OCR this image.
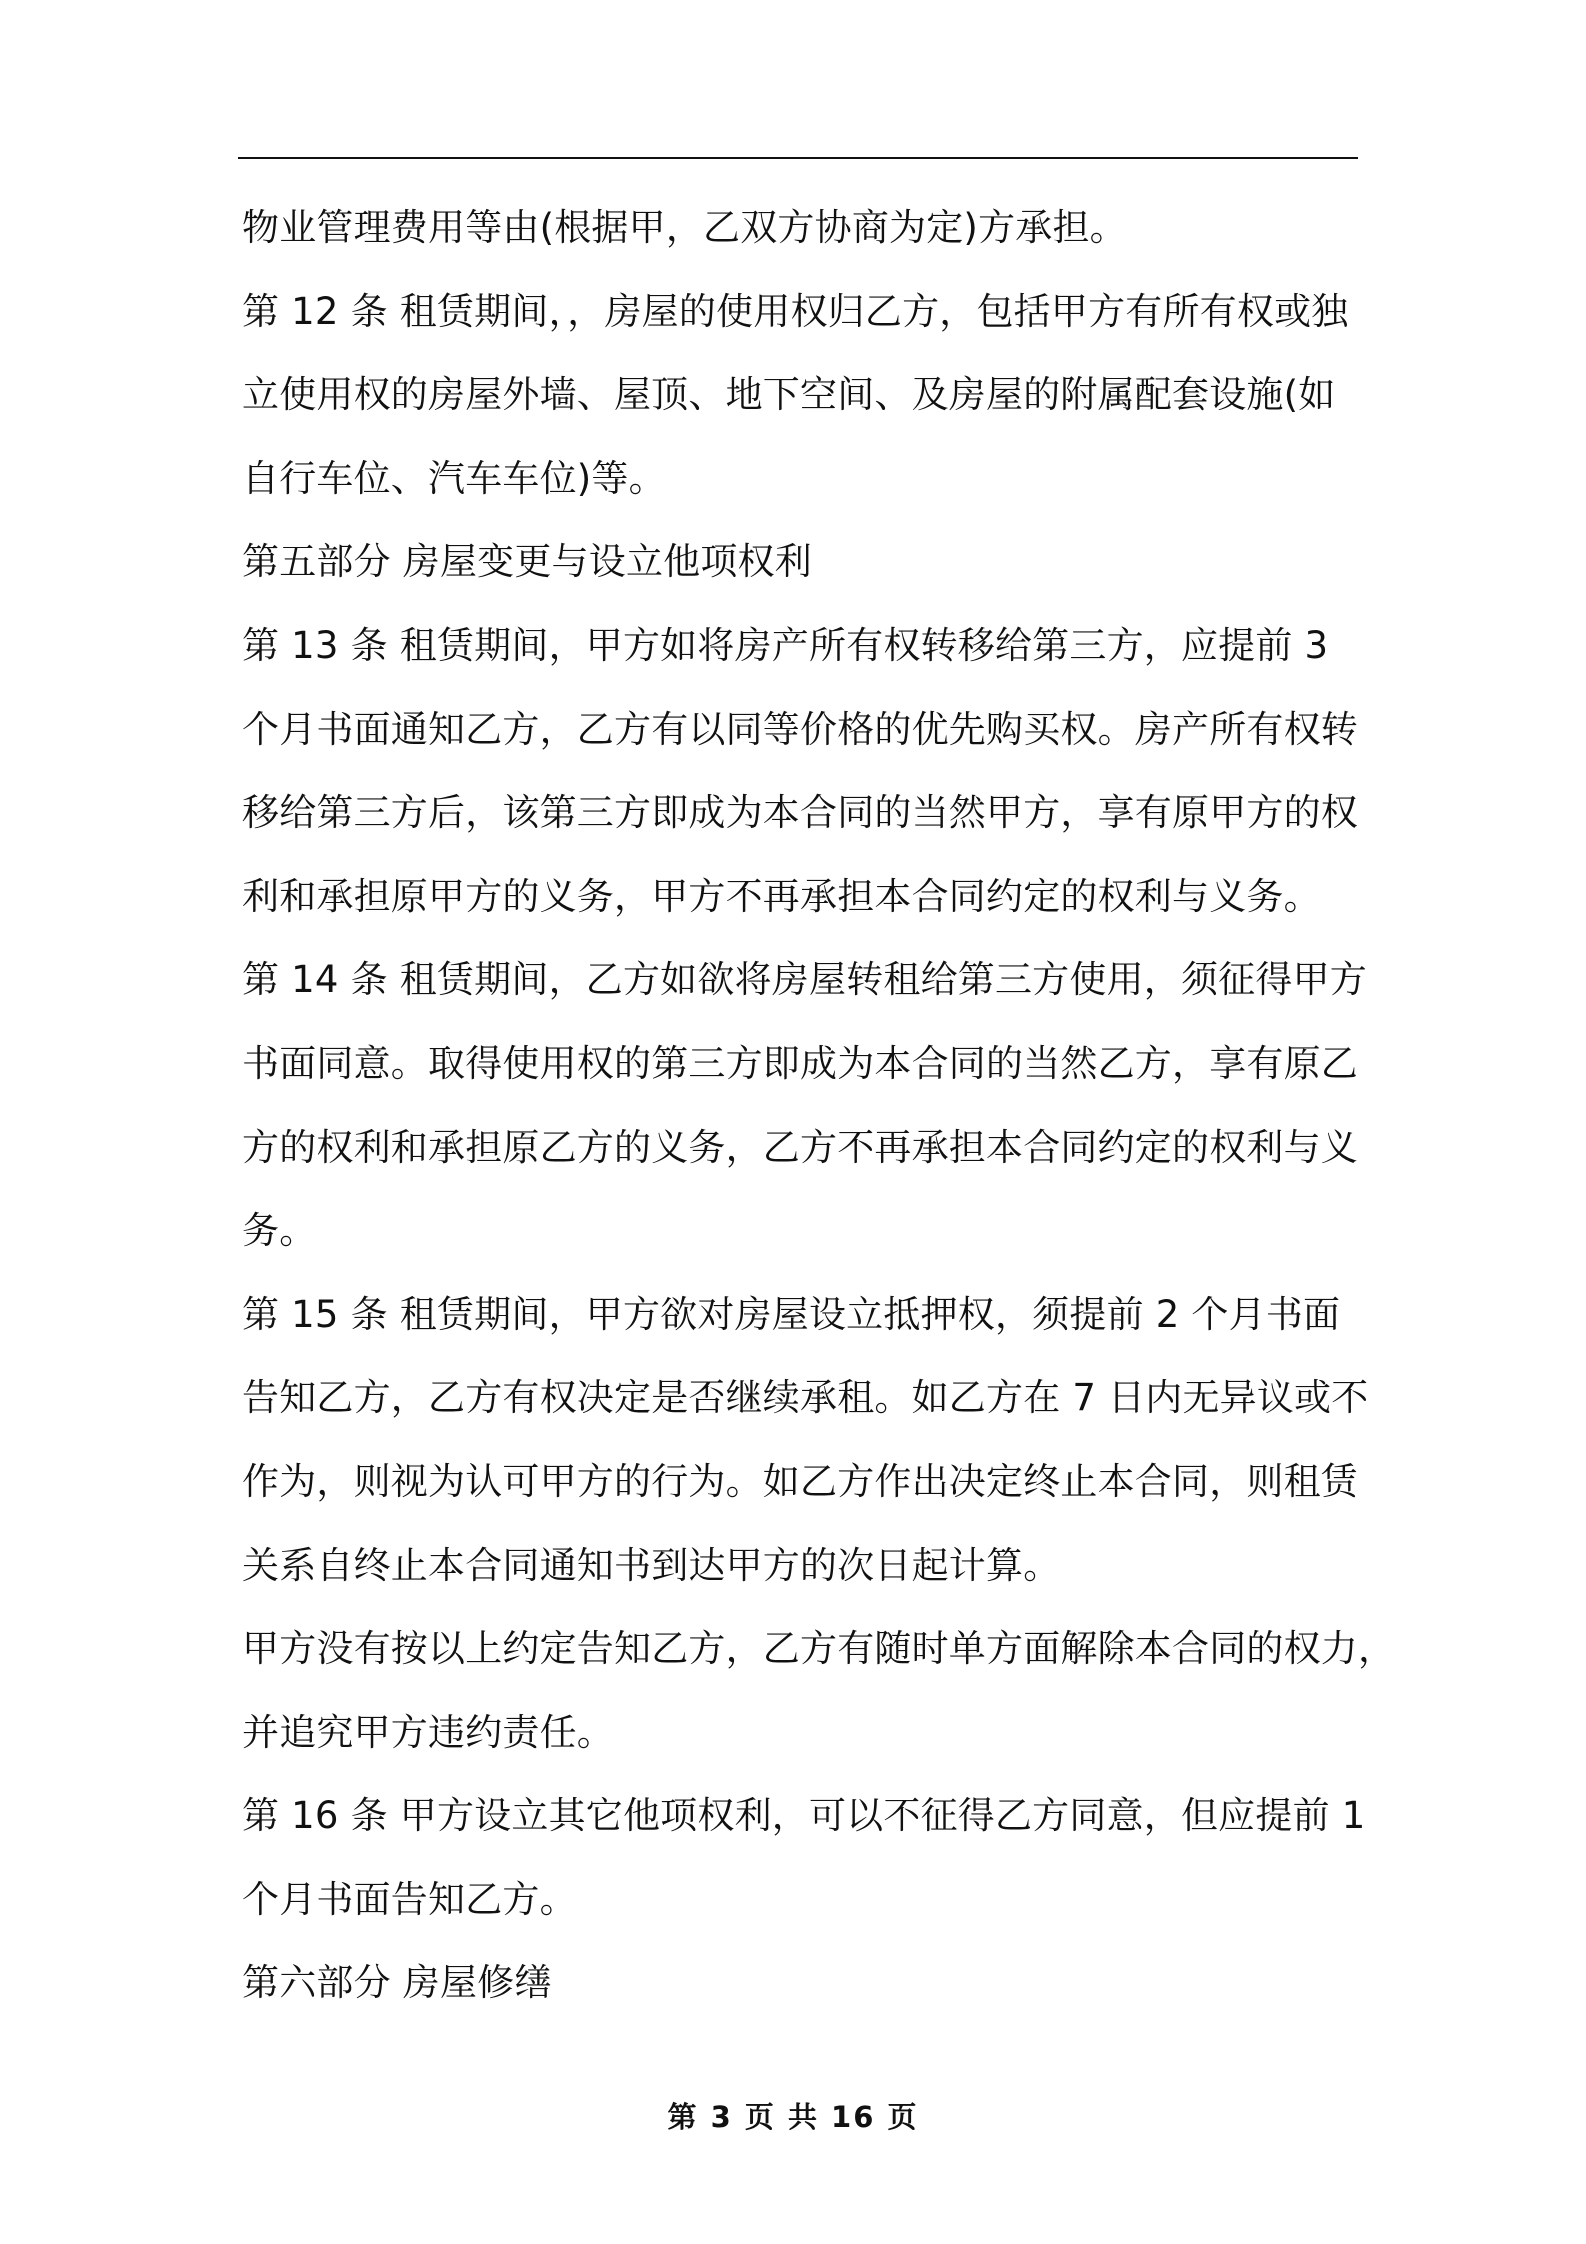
物业管理费用等由(根据甲，乙双方协商为定)方承担。
第 12 条 租赁期间，，房屋的使用权归乙方，包括甲方有所有权或独
立使用权的房屋外墙、屋顶、地下空间、及房屋的附属配套设施(如
自行车位、汽车车位)等。
第五部分 房屋变更与设立他项权利
第 13 条 租赁期间，甲方如将房产所有权转移给第三方，应提前 3
个月书面通知乙方，乙方有以同等价格的优先购买权。房产所有权转
移给第三方后，该第三方即成为本合同的当然甲方，享有原甲方的权
利和承担原甲方的义务，甲方不再承担本合同约定的权利与义务。
第 14 条 租赁期间，乙方如欲将房屋转租给第三方使用，须征得甲方
书面同意。取得使用权的第三方即成为本合同的当然乙方，享有原乙
方的权利和承担原乙方的义务，乙方不再承担本合同约定的权利与义
务。
第 15 条 租赁期间，甲方欲对房屋设立抵押权，须提前 2 个月书面
告知乙方，乙方有权决定是否继续承租。如乙方在 7 日内无异议或不
作为，则视为认可甲方的行为。如乙方作出决定终止本合同，则租赁
关系自终止本合同通知书到达甲方的次日起计算。
甲方没有按以上约定告知乙方，乙方有随时单方面解除本合同的权力，
并追究甲方违约责任。
第 16 条 甲方设立其它他项权利，可以不征得乙方同意，但应提前 1
个月书面告知乙方。
第六部分 房屋修缮
第 3 页 共 16 页
